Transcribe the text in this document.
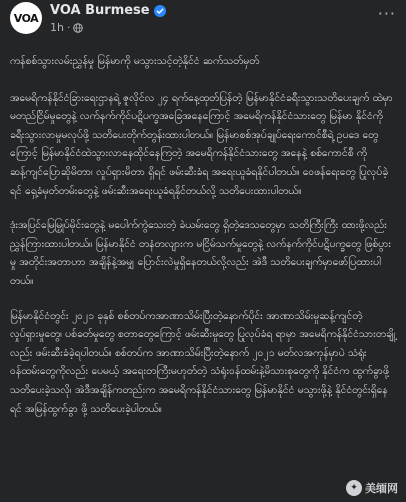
VOA VOA Burmese
1h ·
···

ကန်စစ်သွားလမ်းညွှန်မှု မြန်မာကို မသွားသင့်တဲ့နိုင်ငံ ဆက်သတ်မှတ်

အမေရိကန်နိုင်ငံခြားရေးဌာနရဲ့ ဇူလိုင်လ ၂၄ ရက်နေ့ထုတ်ပြန်တဲ့ မြန်မာနိုင်ငံခရီးသွားသတိပေးချက် ထဲမှာ မတည်ငြိမ်မှုတွေနဲ့ လက်နက်ကိုင်ပဋိပက္ခအခြေအနေကြောင့် အမေရိကန်နိုင်ငံသားတွေ မြန်မာ နိုင်ငံကို ခရီးသွားလာမှုမလုပ်ဖို့ သတိပေးတိုက်တွန်းထားပါတယ်။ မြန်မာစစ်အုပ်ချုပ်ရေးကောင်စီရဲ့ ဥပဒေ တွေကြောင့် မြန်မာနိုင်ငံထဲသွားလာနေထိုင်နေကြတဲ့ အမေရိကန်နိုင်ငံသားတွေ အနေနဲ့ စစ်ကောင်စီ ကို ဆန့်ကျင်ပြောဆိုမိတာ၊ လှုပ်ရှားမိတာ ရှိရင် ဖမ်းဆီးခံရ အရေးယူခံရနိုင်ပါတယ်။ ဝေဖန်ရေးတွေ ပြုလုပ်ခဲ့ရင် ရှေ့ခံမှတ်တမ်းတွေနဲ့ ဖမ်းဆီးအရေးယူခံရနိုင်တယ်လို့ သတိပေးထားပါတယ်။

ဒုံးအပြင်မြေမြှုပ်မိုင်းတွေနဲ့ မပေါက်ကွဲသေးတဲ့ ခဲယမ်းတွေ ရှိတဲ့ဒေသတွေမှာ သတိကြီးကြီး ထားဖို့လည်း ညွှန်ကြားထားပါတယ်။ မြန်မာနိုင်ငံ တနံတလျားက မငြိမ်သက်မှုတွေနဲ့ လက်နက်ကိုင်ပဋိပက္ခတွေ ဖြစ်ပွားမှု အတိုင်းအတာဟာ အချိန်နဲ့အမျှ ပြောင်းလဲမှုရှိနေတယ်လို့လည်း အဲဒီ သတိပေးချက်မှာဖော်ပြထားပါတယ်။

မြန်မာနိုင်ငံတွင်း ၂၀၂၁ ခုနှစ် စစ်တပ်ကအာဏာသိမ်းပြီးတဲ့နောက်ပိုင်း အာဏာသိမ်းမှုဆန့်ကျင်တဲ့ လှုပ်ရှားမှုတွေ၊ ပစ်ခတ်မှုတွေ စတာတွေကြောင့် ဖမ်းဆီးမှုတွေ ပြုလုပ်ခံရ ရာမှာ အမေရိကန်နိုင်ငံသားတချို့လည်း ဖမ်းဆီးခံခဲ့ရပါတယ်။ စစ်တပ်က အာဏာသိမ်းပြီးတဲ့နောက် ၂၀၂၁ မတ်လအကုန်မှာပဲ သံရုံးဝန်ထမ်းတွေကိုလည်း ပေမယ့် အရေးတကြီးမဟုတ်တဲ့ သံရုံးဝန်ထမ်းနဲ့မိသားစုတွေကို နိုင်ငံက ထွက်ခွာဖို့ သတိပေးခဲ့သလို၊ အဲဒီအချိန်ကတည်းက အမေရိကန်နိုင်ငံသားတွေ မြန်မာနိုင်ငံ မသွားဖို့နဲ့ နိုင်ငံတွင်းရှိနေရင် အမြန်ထွက်ခွာ ဖို့ သတိပေးခဲ့ပါတယ်။

✦ 美缅网
